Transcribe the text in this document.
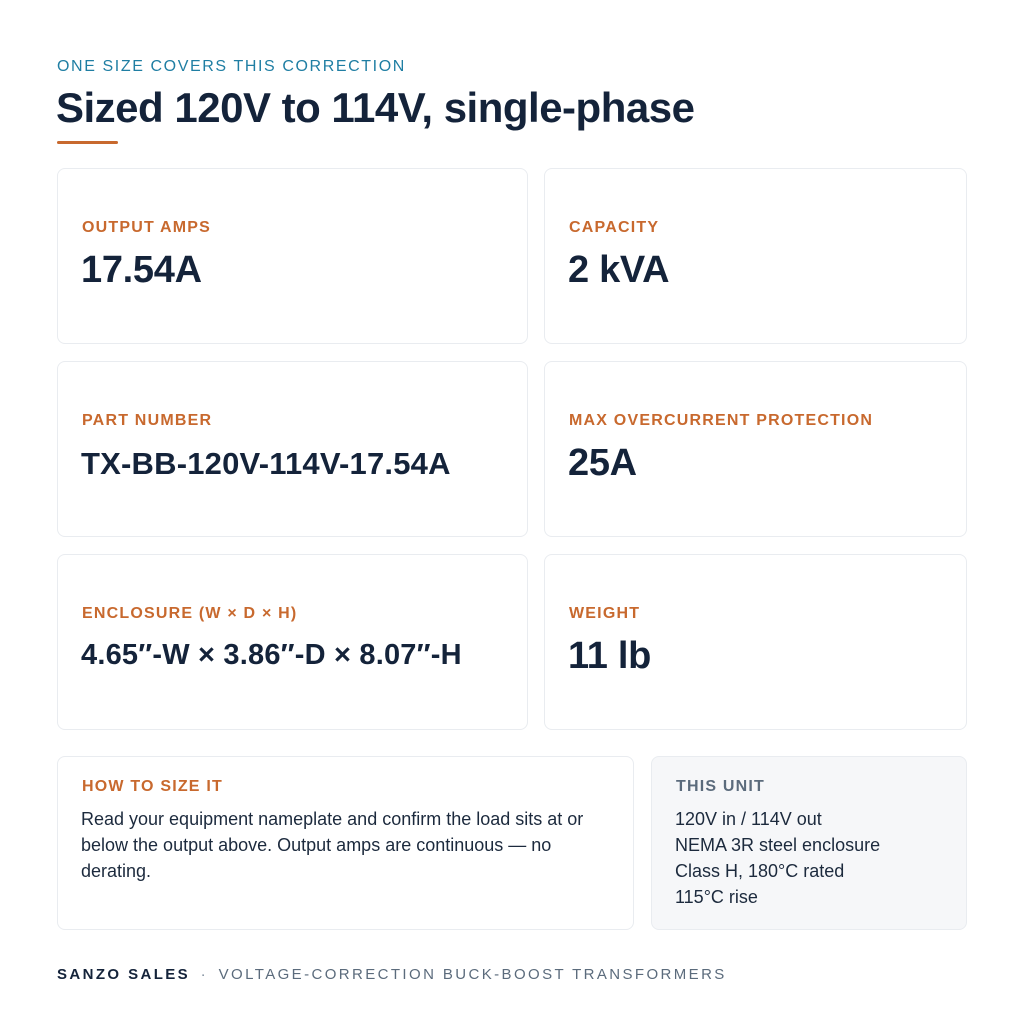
ONE SIZE COVERS THIS CORRECTION
Sized 120V to 114V, single-phase
OUTPUT AMPS
17.54A
CAPACITY
2 kVA
PART NUMBER
TX-BB-120V-114V-17.54A
MAX OVERCURRENT PROTECTION
25A
ENCLOSURE (W × D × H)
4.65″-W × 3.86″-D × 8.07″-H
WEIGHT
11 lb
HOW TO SIZE IT

Read your equipment nameplate and confirm the load sits at or below the output above. Output amps are continuous — no derating.

THIS UNIT
120V in / 114V out
NEMA 3R steel enclosure
Class H, 180°C rated
115°C rise
SANZO SALES · VOLTAGE-CORRECTION BUCK-BOOST TRANSFORMERS
